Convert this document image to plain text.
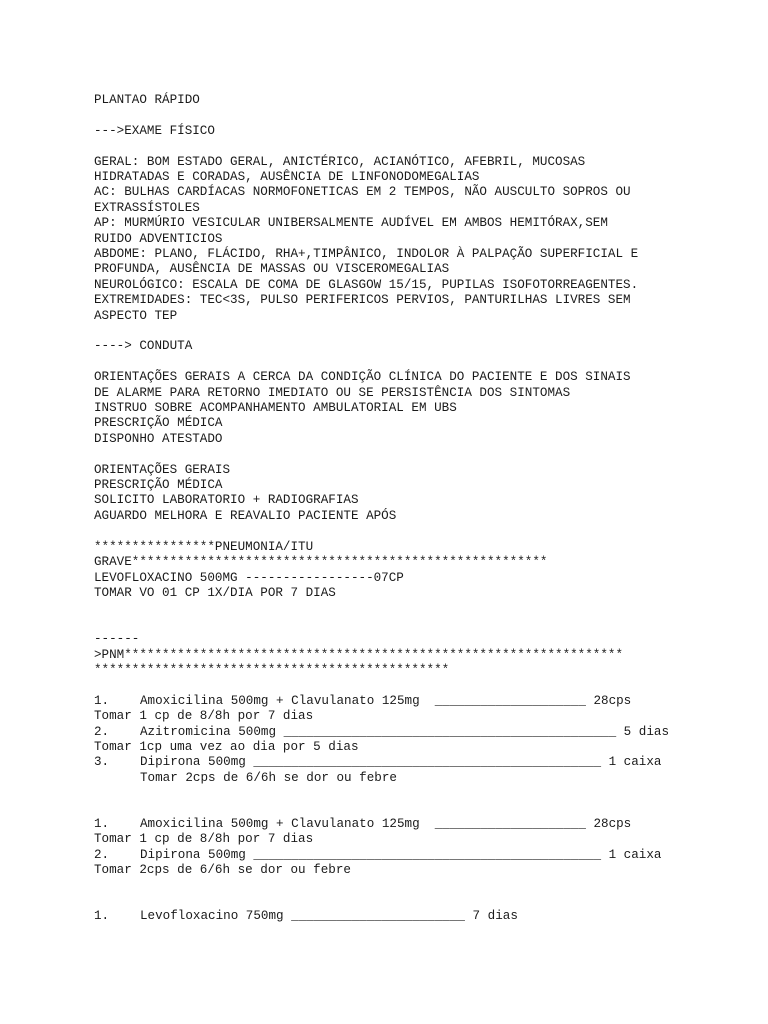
PLANTAO RÁPIDO
--->EXAME FÍSICO
GERAL: BOM ESTADO GERAL, ANICTÉRICO, ACIANÓTICO, AFEBRIL, MUCOSAS
HIDRATADAS E CORADAS, AUSÊNCIA DE LINFONODOMEGALIAS
AC: BULHAS CARDÍACAS NORMOFONETICAS EM 2 TEMPOS, NÃO AUSCULTO SOPROS OU
EXTRASSÍSTOLES
AP: MURMÚRIO VESICULAR UNIBERSALMENTE AUDÍVEL EM AMBOS HEMITÓRAX,SEM
RUIDO ADVENTICIOS
ABDOME: PLANO, FLÁCIDO, RHA+,TIMPÂNICO, INDOLOR À PALPAÇÃO SUPERFICIAL E
PROFUNDA, AUSÊNCIA DE MASSAS OU VISCEROMEGALIAS
NEUROLÓGICO: ESCALA DE COMA DE GLASGOW 15/15, PUPILAS ISOFOTORREAGENTES.
EXTREMIDADES: TEC<3S, PULSO PERIFERICOS PERVIOS, PANTURILHAS LIVRES SEM
ASPECTO TEP
----> CONDUTA
ORIENTAÇÕES GERAIS A CERCA DA CONDIÇÃO CLÍNICA DO PACIENTE E DOS SINAIS
DE ALARME PARA RETORNO IMEDIATO OU SE PERSISTÊNCIA DOS SINTOMAS
INSTRUO SOBRE ACOMPANHAMENTO AMBULATORIAL EM UBS
PRESCRIÇÃO MÉDICA
DISPONHO ATESTADO
ORIENTAÇÕES GERAIS
PRESCRIÇÃO MÉDICA
SOLICITO LABORATORIO + RADIOGRAFIAS
AGUARDO MELHORA E REAVALIO PACIENTE APÓS
****************PNEUMONIA/ITU
GRAVE*******************************************************
LEVOFLOXACINO 500MG -----------------07CP
TOMAR VO 01 CP 1X/DIA POR 7 DIAS
------
>PNM******************************************************************
***********************************************
1. Amoxicilina 500mg + Clavulanato 125mg  ____________________ 28cps
Tomar 1 cp de 8/8h por 7 dias
2. Azitromicina 500mg ____________________________________________ 5 dias
Tomar 1cp uma vez ao dia por 5 dias
3. Dipirona 500mg ______________________________________________ 1 caixa
Tomar 2cps de 6/6h se dor ou febre
1. Amoxicilina 500mg + Clavulanato 125mg  ____________________ 28cps
Tomar 1 cp de 8/8h por 7 dias
2. Dipirona 500mg ______________________________________________ 1 caixa
Tomar 2cps de 6/6h se dor ou febre
1. Levofloxacino 750mg _______________________ 7 dias
